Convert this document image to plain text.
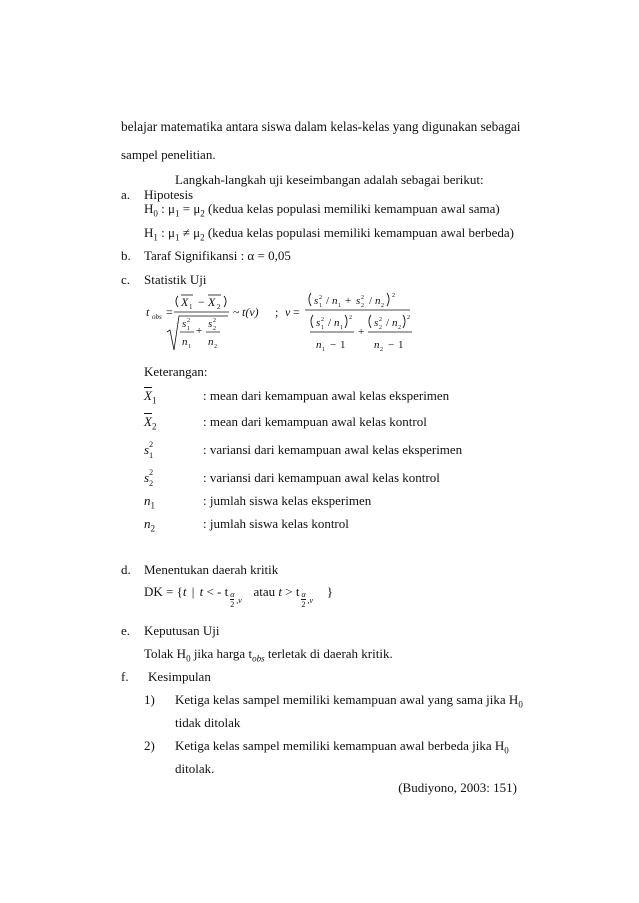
belajar matematika antara siswa dalam kelas-kelas yang digunakan sebagai
sampel penelitian.
Langkah-langkah uji keseimbangan adalah sebagai berikut:
a. Hipotesis
$H_0$ : $\mu_1 = \mu_2$ (kedua kelas populasi memiliki kemampuan awal sama)
$H_1$ : $\mu_1 \ne \mu_2$ (kedua kelas populasi memiliki kemampuan awal berbeda)
b. Taraf Signifikansi : α = 0,05
c. Statistik Uji
t obs =
X 1 − X 2
s 2
1 +
s 2
2
n 1 n 2
~ t(v) ; v =
s 2
1 / n 1 + s 2
2 / n 2
2
s 2
1 / n 1
2
n 1 − 1
+
s 2
2 / n 2
2
n 2 − 1
Keterangan:
$\overline{X}_1$	: mean dari kemampuan awal kelas eksperimen
$\overline{X}_2$	: mean dari kemampuan awal kelas kontrol
s 2
1	: variansi dari kemampuan awal kelas eksperimen
s 2
2	: variansi dari kemampuan awal kelas kontrol
$n_1$	: jumlah siswa kelas eksperimen
$n_2$	: jumlah siswa kelas kontrol
d. Menentukan daerah kritik
DK = {t | t < - t α
2 ,v
atau t > t α
2 ,v
}
e. Keputusan Uji
Tolak $H_0$ jika harga $t_{obs}$ terletak di daerah kritik.
f. Kesimpulan
1) Ketiga kelas sampel memiliki kemampuan awal yang sama jika $H_0$
tidak ditolak
2) Ketiga kelas sampel memiliki kemampuan awal berbeda jika $H_0$
ditolak.
(Budiyono, 2003: 151)
